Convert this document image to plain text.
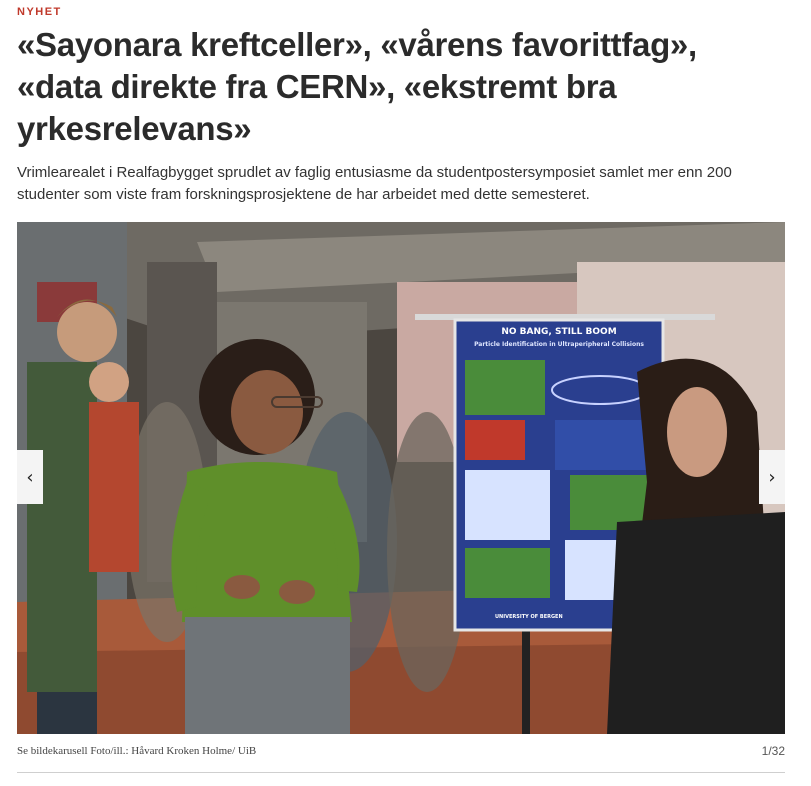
NYHET
«Sayonara kreftceller», «vårens favorittfag», «data direkte fra CERN», «ekstremt bra yrkesrelevans»

Vrimlearealet i Realfagbygget sprudlet av faglig entusiasme da studentpostersymposiet samlet mer enn 200 studenter som viste fram forskningsprosjektene de har arbeidet med dette semesteret.

NO BANG, STILL BOOM
Particle Identification in Ultraperipheral Collisions
UNIVERSITY OF BERGEN
‹	›
Se bildekarusell Foto/ill.: Håvard Kroken Holme/ UiB	1/32
